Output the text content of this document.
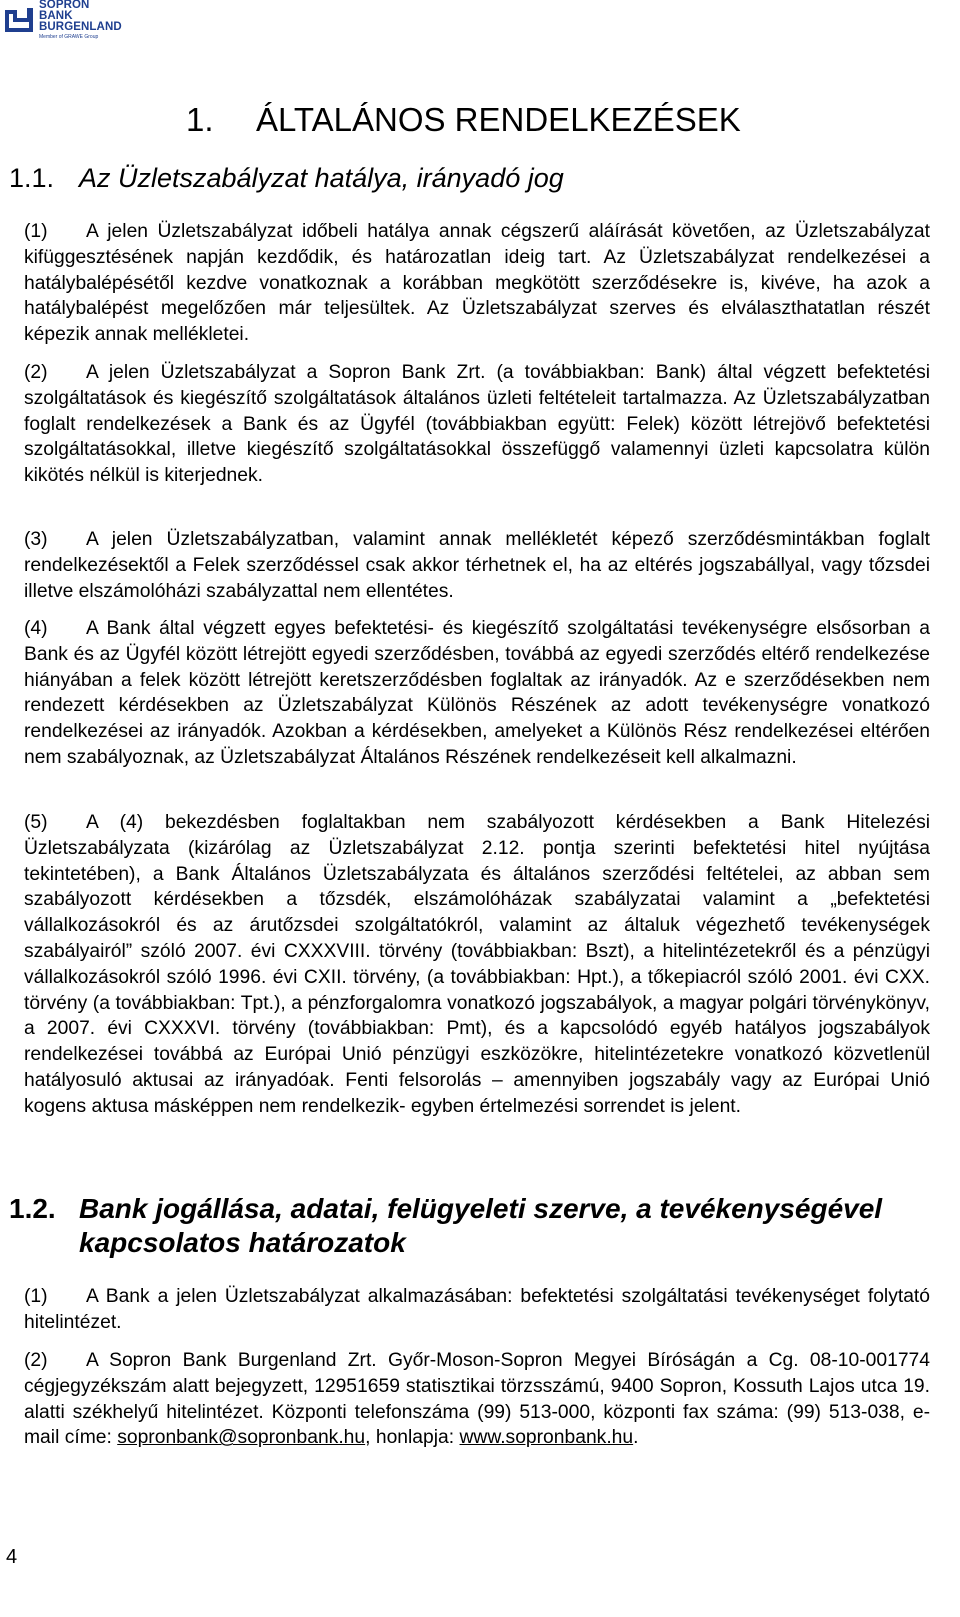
SOPRON
BANK
BURGENLAND
Member of GRAWE Group
1. ÁLTALÁNOS RENDELKEZÉSEK
1.1. Az Üzletszabályzat hatálya, irányadó jog
(1) A jelen Üzletszabályzat időbeli hatálya annak cégszerű aláírását követően, az Üzletszabályzat kifüggesztésének napján kezdődik, és határozatlan ideig tart. Az Üzletszabályzat rendelkezései a hatálybalépésétől kezdve vonatkoznak a korábban megkötött szerződésekre is, kivéve, ha azok a hatálybalépést megelőzően már teljesültek. Az Üzletszabályzat szerves és elválaszthatatlan részét képezik annak mellékletei.
(2) A jelen Üzletszabályzat a Sopron Bank Zrt. (a továbbiakban: Bank) által végzett befektetési szolgáltatások és kiegészítő szolgáltatások általános üzleti feltételeit tartalmazza. Az Üzletszabályzatban foglalt rendelkezések a Bank és az Ügyfél (továbbiakban együtt: Felek) között létrejövő befektetési szolgáltatásokkal, illetve kiegészítő szolgáltatásokkal összefüggő valamennyi üzleti kapcsolatra külön kikötés nélkül is kiterjednek.
(3) A jelen Üzletszabályzatban, valamint annak mellékletét képező szerződésmintákban foglalt rendelkezésektől a Felek szerződéssel csak akkor térhetnek el, ha az eltérés jogszabállyal, vagy tőzsdei illetve elszámolóházi szabályzattal nem ellentétes.
(4) A Bank által végzett egyes befektetési- és kiegészítő szolgáltatási tevékenységre elsősorban a Bank és az Ügyfél között létrejött egyedi szerződésben, továbbá az egyedi szerződés eltérő rendelkezése hiányában a felek között létrejött keretszerződésben foglaltak az irányadók. Az e szerződésekben nem rendezett kérdésekben az Üzletszabályzat Különös Részének az adott tevékenységre vonatkozó rendelkezései az irányadók. Azokban a kérdésekben, amelyeket a Különös Rész rendelkezései eltérően nem szabályoznak, az Üzletszabályzat Általános Részének rendelkezéseit kell alkalmazni.
(5) A (4) bekezdésben foglaltakban nem szabályozott kérdésekben a Bank Hitelezési Üzletszabályzata (kizárólag az Üzletszabályzat 2.12. pontja szerinti befektetési hitel nyújtása tekintetében), a Bank Általános Üzletszabályzata és általános szerződési feltételei, az abban sem szabályozott kérdésekben a tőzsdék, elszámolóházak szabályzatai valamint a „befektetési vállalkozásokról és az árutőzsdei szolgáltatókról, valamint az általuk végezhető tevékenységek szabályairól” szóló 2007. évi CXXXVIII. törvény (továbbiakban: Bszt), a hitelintézetekről és a pénzügyi vállalkozásokról szóló 1996. évi CXII. törvény, (a továbbiakban: Hpt.), a tőkepiacról szóló 2001. évi CXX. törvény (a továbbiakban: Tpt.), a pénzforgalomra vonatkozó jogszabályok, a magyar polgári törvénykönyv, a 2007. évi CXXXVI. törvény (továbbiakban: Pmt), és a kapcsolódó egyéb hatályos jogszabályok rendelkezései továbbá az Európai Unió pénzügyi eszközökre, hitelintézetekre vonatkozó közvetlenül hatályosuló aktusai az irányadóak. Fenti felsorolás – amennyiben jogszabály vagy az Európai Unió kogens aktusa másképpen nem rendelkezik- egyben értelmezési sorrendet is jelent.
1.2. Bank jogállása, adatai, felügyeleti szerve, a tevékenységével kapcsolatos határozatok
(1) A Bank a jelen Üzletszabályzat alkalmazásában: befektetési szolgáltatási tevékenységet folytató hitelintézet.
(2) A Sopron Bank Burgenland Zrt. Győr-Moson-Sopron Megyei Bíróságán a Cg. 08-10-001774 cégjegyzékszám alatt bejegyzett, 12951659 statisztikai törzsszámú, 9400 Sopron, Kossuth Lajos utca 19. alatti székhelyű hitelintézet. Központi telefonszáma (99) 513-000, központi fax száma: (99) 513-038, e-mail címe: sopronbank@sopronbank.hu, honlapja: www.sopronbank.hu.
4
